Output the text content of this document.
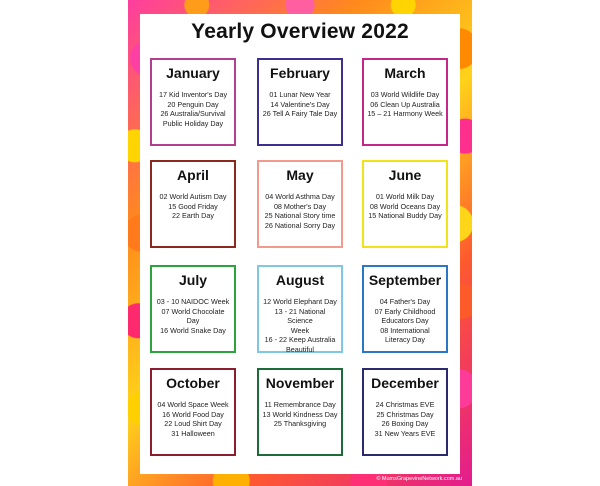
Yearly Overview 2022
January
17 Kid Inventor's Day
20 Penguin Day
26 Australia/Survival
Public Holiday Day
February
01 Lunar New Year
14 Valentine's Day
26 Tell A Fairy Tale Day
March
03 World Wildlife Day
06 Clean Up Australia
15 – 21 Harmony Week
April
02 World Autism Day
15 Good Friday
22 Earth Day
May
04 World Asthma Day
08 Mother's Day
25 National Story time
26 National Sorry Day
June
01 World Milk Day
08 World Oceans Day
15 National Buddy Day
July
03 - 10 NAIDOC Week
07 World Chocolate
Day
16 World Snake Day
August
12 World Elephant Day
13 - 21 National Science
Week
16 - 22 Keep Australia
Beautiful
September
04 Father's Day
07 Early Childhood
Educators Day
08 International
Literacy Day
October
04 World Space Week
16 World Food Day
22 Loud Shirt Day
31 Halloween
November
11 Remembrance Day
13 World Kindness Day
25 Thanksgiving
December
24 Christmas EVE
25 Christmas Day
26 Boxing Day
31 New Years EVE
© MumsGrapevineNetwork.com.au
